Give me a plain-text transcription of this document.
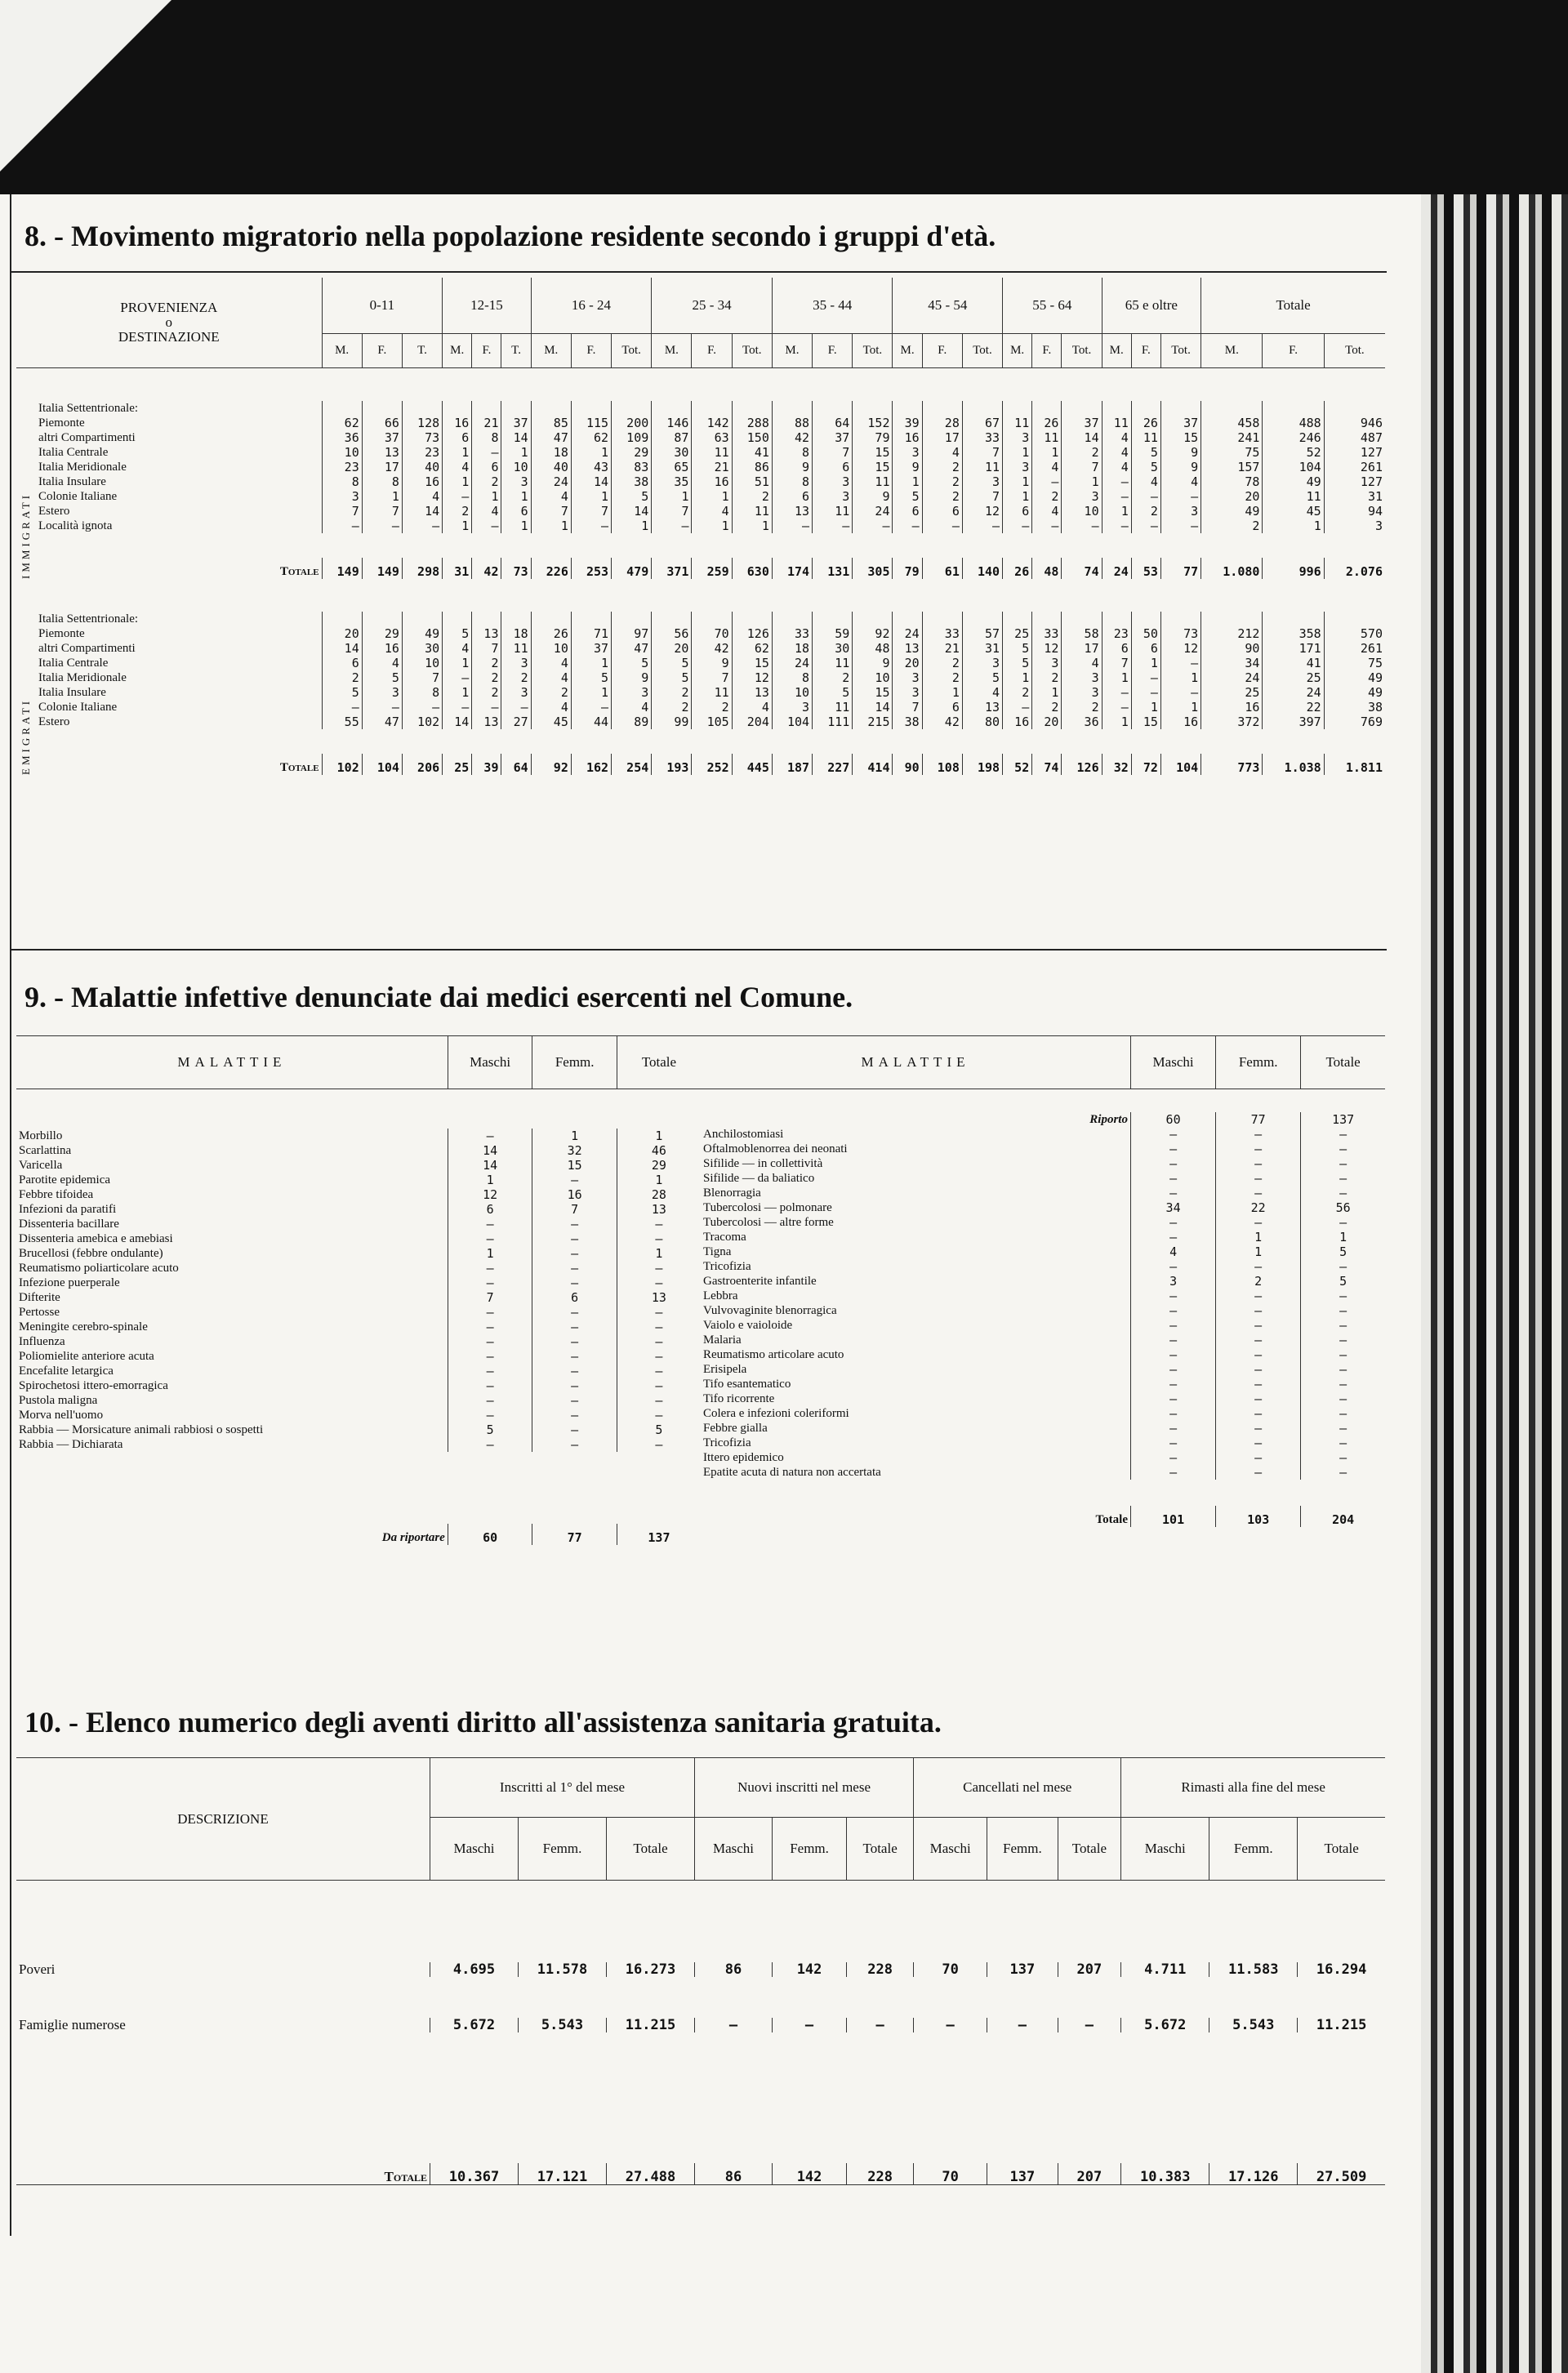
8. - Movimento migratorio nella popolazione residente secondo i gruppi d'età.
PROVENIENZA
o
DESTINAZIONE		0-11			12-15			16 - 24			25 - 34			35 - 44			45 - 54			55 - 64			65 e oltre			Totale		
		M.	F.	T.	M.	F.	T.	M.	F.	Tot.	M.	F.	Tot.	M.	F.	Tot.	M.	F.	Tot.	M.	F.	Tot.	M.	F.	Tot.	M.	F.	Tot.

IMMIGRATI	Italia Settentrionale:																											
	Piemonte	62	66	128	16	21	37	85	115	200	146	142	288	88	64	152	39	28	67	11	26	37	11	26	37	458	488	946
	altri Compartimenti	36	37	73	6	8	14	47	62	109	87	63	150	42	37	79	16	17	33	3	11	14	4	11	15	241	246	487
	Italia Centrale	10	13	23	1	—	1	18	1	29	30	11	41	8	7	15	3	4	7	1	1	2	4	5	9	75	52	127
	Italia Meridionale	23	17	40	4	6	10	40	43	83	65	21	86	9	6	15	9	2	11	3	4	7	4	5	9	157	104	261
	Italia Insulare	8	8	16	1	2	3	24	14	38	35	16	51	8	3	11	1	2	3	1	—	1	—	4	4	78	49	127
	Colonie Italiane	3	1	4	—	1	1	4	1	5	1	1	2	6	3	9	5	2	7	1	2	3	—	—	—	20	11	31
	Estero	7	7	14	2	4	6	7	7	14	7	4	11	13	11	24	6	6	12	6	4	10	1	2	3	49	45	94
	Località ignota	—	—	—	1	—	1	1	—	1	—	1	1	—	—	—	—	—	—	—	—	—	—	—	—	2	1	3

	Totale	149	149	298	31	42	73	226	253	479	371	259	630	174	131	305	79	61	140	26	48	74	24	53	77	1.080	996	2.076

EMIGRATI	Italia Settentrionale:																											
	Piemonte	20	29	49	5	13	18	26	71	97	56	70	126	33	59	92	24	33	57	25	33	58	23	50	73	212	358	570
	altri Compartimenti	14	16	30	4	7	11	10	37	47	20	42	62	18	30	48	13	21	31	5	12	17	6	6	12	90	171	261
	Italia Centrale	6	4	10	1	2	3	4	1	5	5	9	15	24	11	9	20	2	3	5	3	4	7	1	—	34	41	75
	Italia Meridionale	2	5	7	—	2	2	4	5	9	5	7	12	8	2	10	3	2	5	1	2	3	1	—	1	24	25	49
	Italia Insulare	5	3	8	1	2	3	2	1	3	2	11	13	10	5	15	3	1	4	2	1	3	—	—	—	25	24	49
	Colonie Italiane	—	—	—	—	—	—	4	—	4	2	2	4	3	11	14	7	6	13	—	2	2	—	1	1	16	22	38
	Estero	55	47	102	14	13	27	45	44	89	99	105	204	104	111	215	38	42	80	16	20	36	1	15	16	372	397	769

	Totale	102	104	206	25	39	64	92	162	254	193	252	445	187	227	414	90	108	198	52	74	126	32	72	104	773	1.038	1.811
9. - Malattie infettive denunciate dai medici esercenti nel Comune.
MALATTIE	Maschi	Femm.	Totale

Morbillo	—	1	1
Scarlattina	14	32	46
Varicella	14	15	29
Parotite epidemica	1	—	1
Febbre tifoidea	12	16	28
Infezioni da paratifi	6	7	13
Dissenteria bacillare	—	—	—
Dissenteria amebica e amebiasi	—	—	—
Brucellosi (febbre ondulante)	1	—	1
Reumatismo poliarticolare acuto	—	—	—
Infezione puerperale	—	—	—
Difterite	7	6	13
Pertosse	—	—	—
Meningite cerebro-spinale	—	—	—
Influenza	—	—	—
Poliomielite anteriore acuta	—	—	—
Encefalite letargica	—	—	—
Spirochetosi ittero-emorragica	—	—	—
Pustola maligna	—	—	—
Morva nell'uomo	—	—	—
Rabbia — Morsicature animali rabbiosi o sospetti	5	—	5
Rabbia — Dichiarata	—	—	—

Da riportare	60	77	137
MALATTIE	Maschi	Femm.	Totale

Riporto	60	77	137
Anchilostomiasi	—	—	—
Oftalmoblenorrea dei neonati	—	—	—
Sifilide — in collettività	—	—	—
Sifilide — da baliatico	—	—	—
Blenorragia	—	—	—
Tubercolosi — polmonare	34	22	56
Tubercolosi — altre forme	—	—	—
Tracoma	—	1	1
Tigna	4	1	5
Tricofizia	—	—	—
Gastroenterite infantile	3	2	5
Lebbra	—	—	—
Vulvovaginite blenorragica	—	—	—
Vaiolo e vaioloide	—	—	—
Malaria	—	—	—
Reumatismo articolare acuto	—	—	—
Erisipela	—	—	—
Tifo esantematico	—	—	—
Tifo ricorrente	—	—	—
Colera e infezioni coleriformi	—	—	—
Febbre gialla	—	—	—
Tricofizia	—	—	—
Ittero epidemico	—	—	—
Epatite acuta di natura non accertata	—	—	—

Totale	101	103	204
10. - Elenco numerico degli aventi diritto all'assistenza sanitaria gratuita.
DESCRIZIONE	Inscritti al 1° del mese			Nuovi inscritti nel mese			Cancellati nel mese			Rimasti alla fine del mese		
	Maschi	Femm.	Totale	Maschi	Femm.	Totale	Maschi	Femm.	Totale	Maschi	Femm.	Totale

Poveri	4.695	11.578	16.273	86	142	228	70	137	207	4.711	11.583	16.294

Famiglie numerose	5.672	5.543	11.215	—	—	—	—	—	—	5.672	5.543	11.215

Totale	10.367	17.121	27.488	86	142	228	70	137	207	10.383	17.126	27.509
